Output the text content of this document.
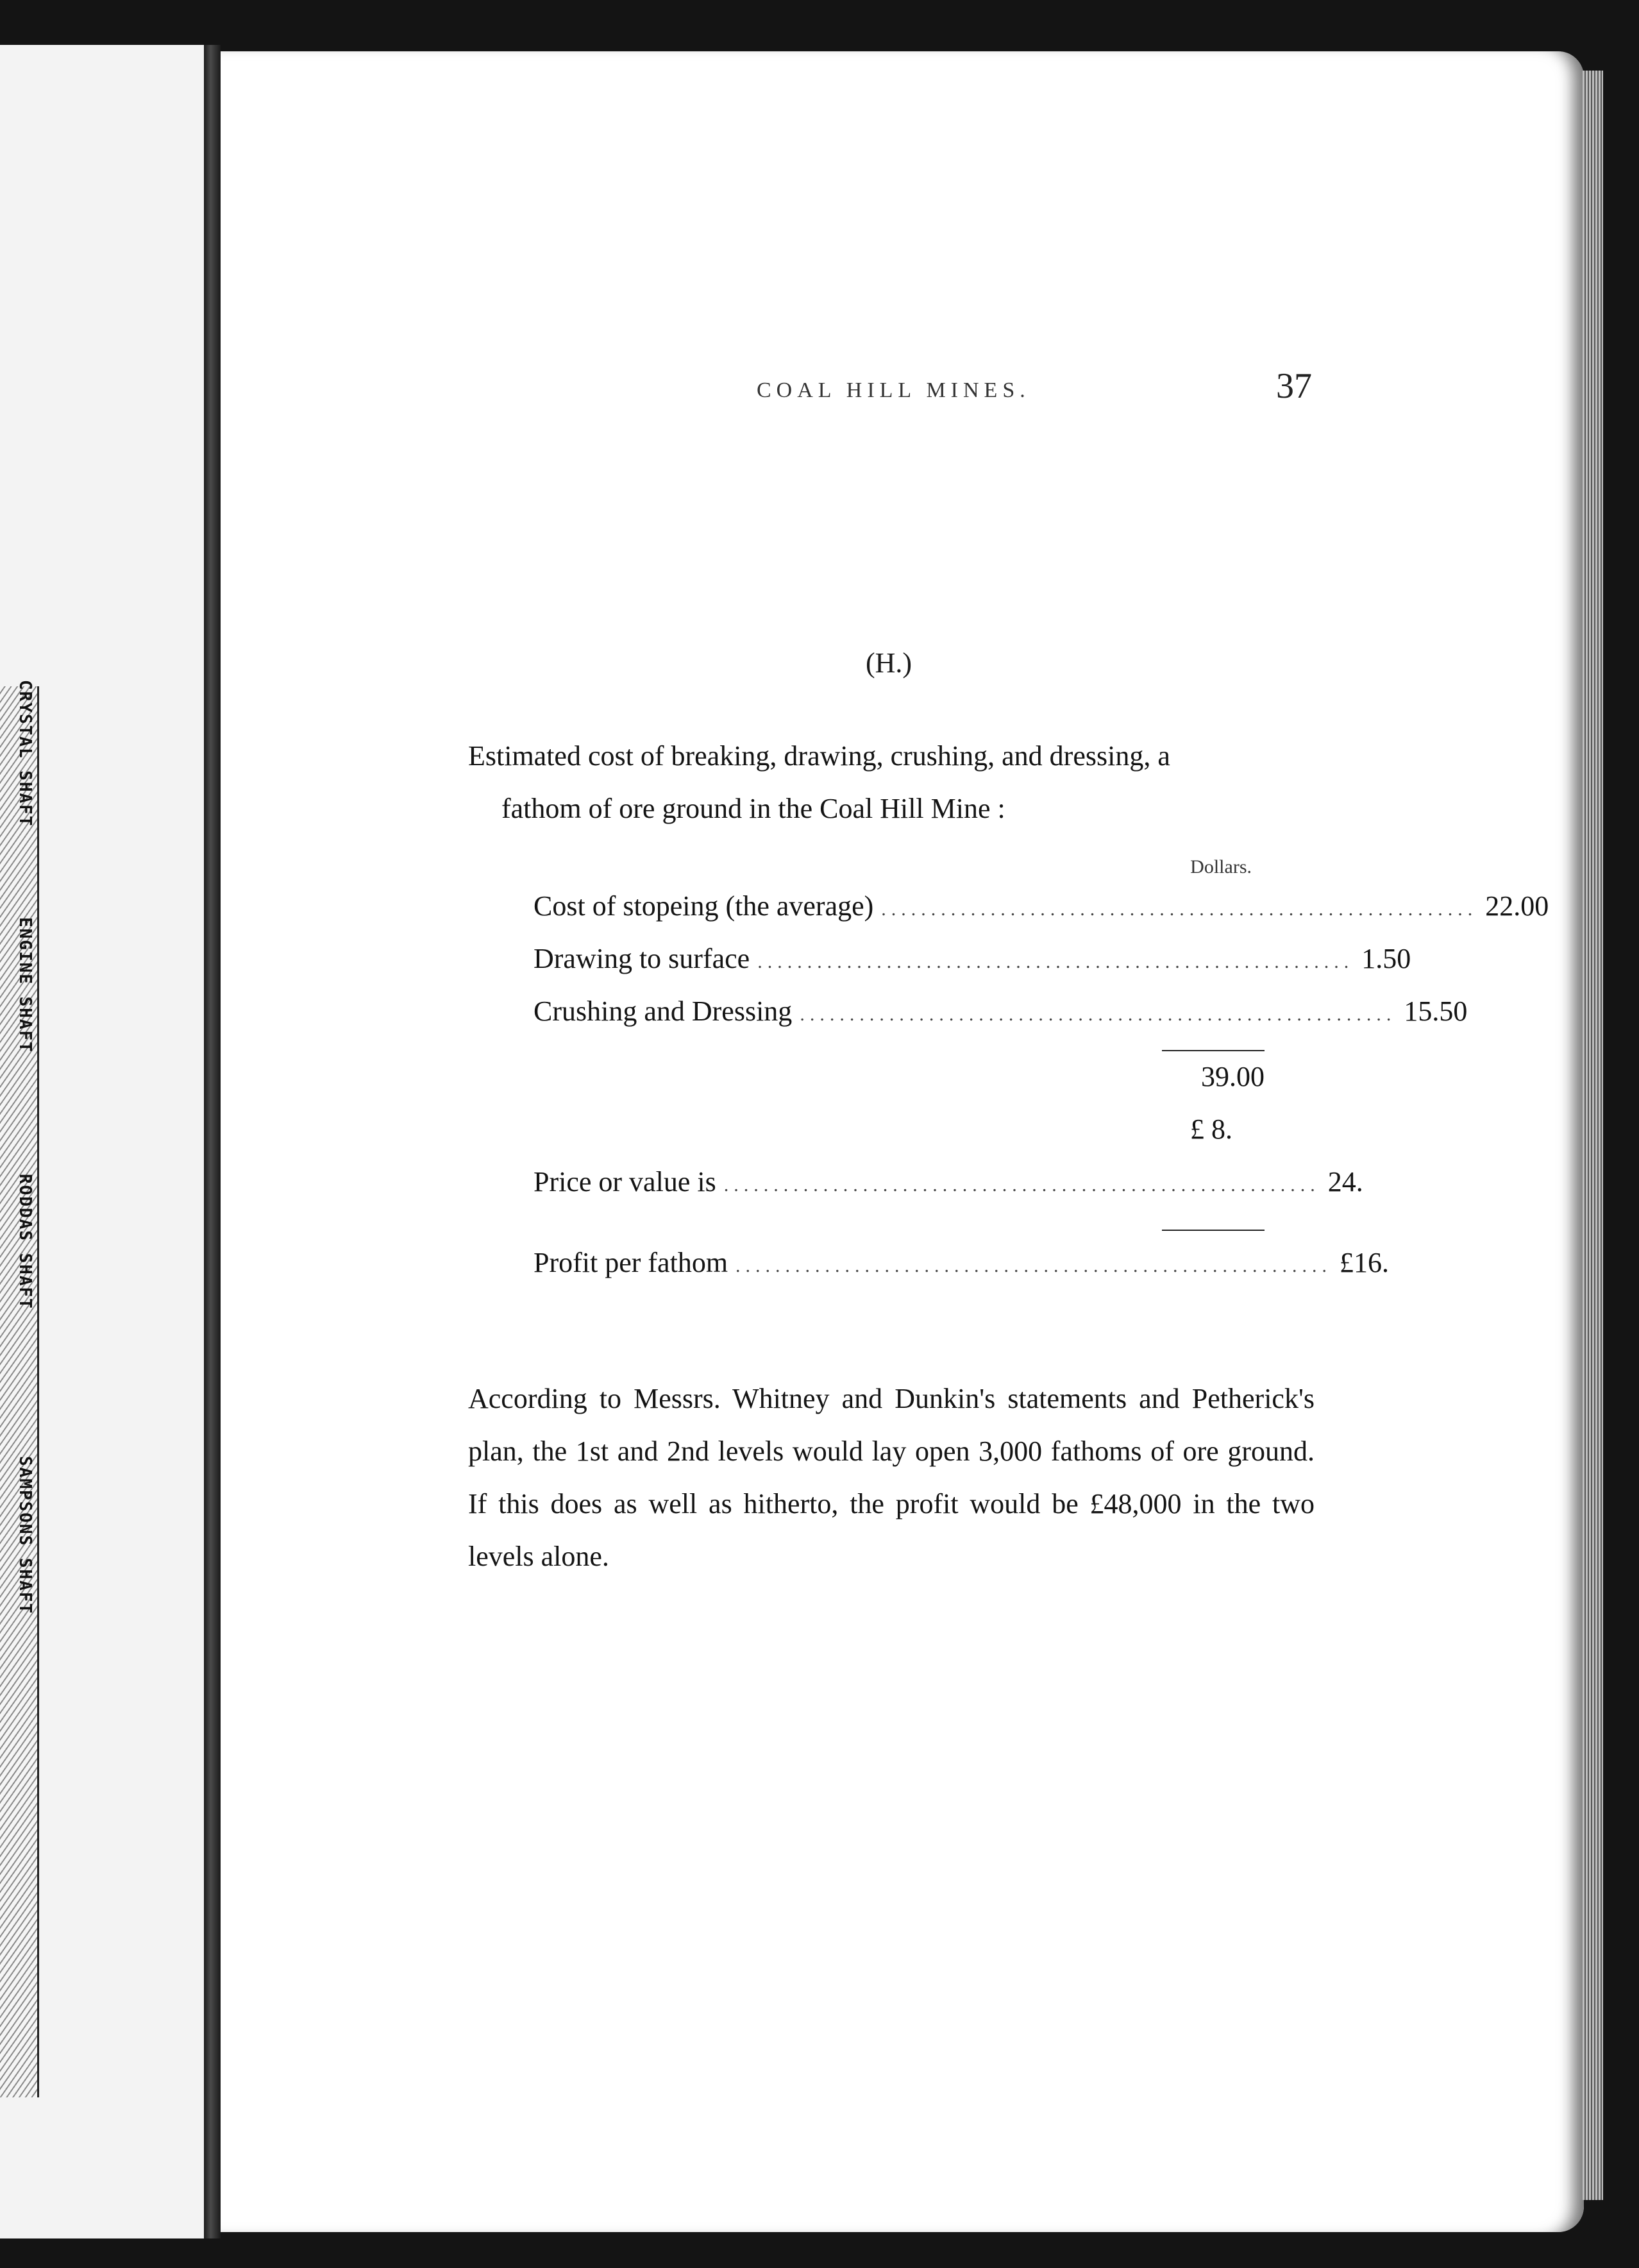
CRYSTAL SHAFT
ENGINE SHAFT
RODDAS SHAFT
SAMPSONS SHAFT
COAL HILL MINES.	37
(H.)
Estimated cost of breaking, drawing, crushing, and dressing, a
fathom of ore ground in the Coal Hill Mine :
Dollars.
Cost of stopeing (the average) ............................................................ 22.00
Drawing to surface ............................................................ 1.50
Crushing and Dressing ............................................................ 15.50
39.00
£ 8.
Price or value is ............................................................ 24.
Profit per fathom ............................................................ £16.
According to Messrs. Whitney and Dunkin's statements and Petherick's plan, the 1st and 2nd levels would lay open 3,000 fathoms of ore ground. If this does as well as hitherto, the profit would be £48,000 in the two levels alone.
